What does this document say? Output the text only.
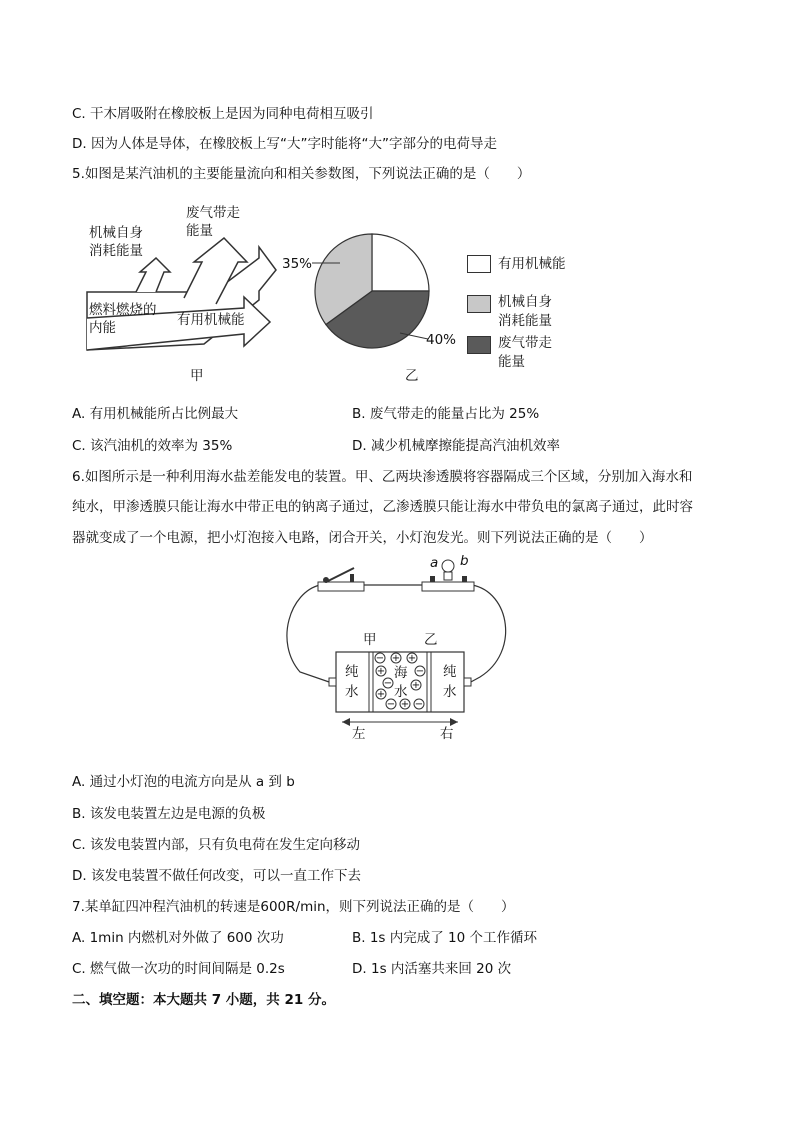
C. 干木屑吸附在橡胶板上是因为同种电荷相互吸引
D. 因为人体是导体，在橡胶板上写“大”字时能将“大”字部分的电荷导走
5.如图是某汽油机的主要能量流向和相关参数图，下列说法正确的是（　　）
机械自身
消耗能量
废气带走
能量
燃料燃烧的
内能	有用机械能
甲
35%
40%
乙
有用机械能
机械自身
消耗能量
废气带走
能量
A. 有用机械能所占比例最大	B. 废气带走的能量占比为 25%
C. 该汽油机的效率为 35%	D. 减少机械摩擦能提高汽油机效率
6.如图所示是一种利用海水盐差能发电的装置。甲、乙两块渗透膜将容器隔成三个区域，分别加入海水和
纯水，甲渗透膜只能让海水中带正电的钠离子通过，乙渗透膜只能让海水中带负电的氯离子通过，此时容
器就变成了一个电源，把小灯泡接入电路，闭合开关，小灯泡发光。则下列说法正确的是（　　）
− + +
+	−
− +
+
− + −
甲	乙
纯
水
纯
水
海
水
左	右
a b
A. 通过小灯泡的电流方向是从 a 到 b
B. 该发电装置左边是电源的负极
C. 该发电装置内部，只有负电荷在发生定向移动
D. 该发电装置不做任何改变，可以一直工作下去
7.某单缸四冲程汽油机的转速是600R/min，则下列说法正确的是（　　）
A. 1min 内燃机对外做了 600 次功	B. 1s 内完成了 10 个工作循环
C. 燃气做一次功的时间间隔是 0.2s	D. 1s 内活塞共来回 20 次
二、填空题：本大题共 7 小题，共 21 分。
